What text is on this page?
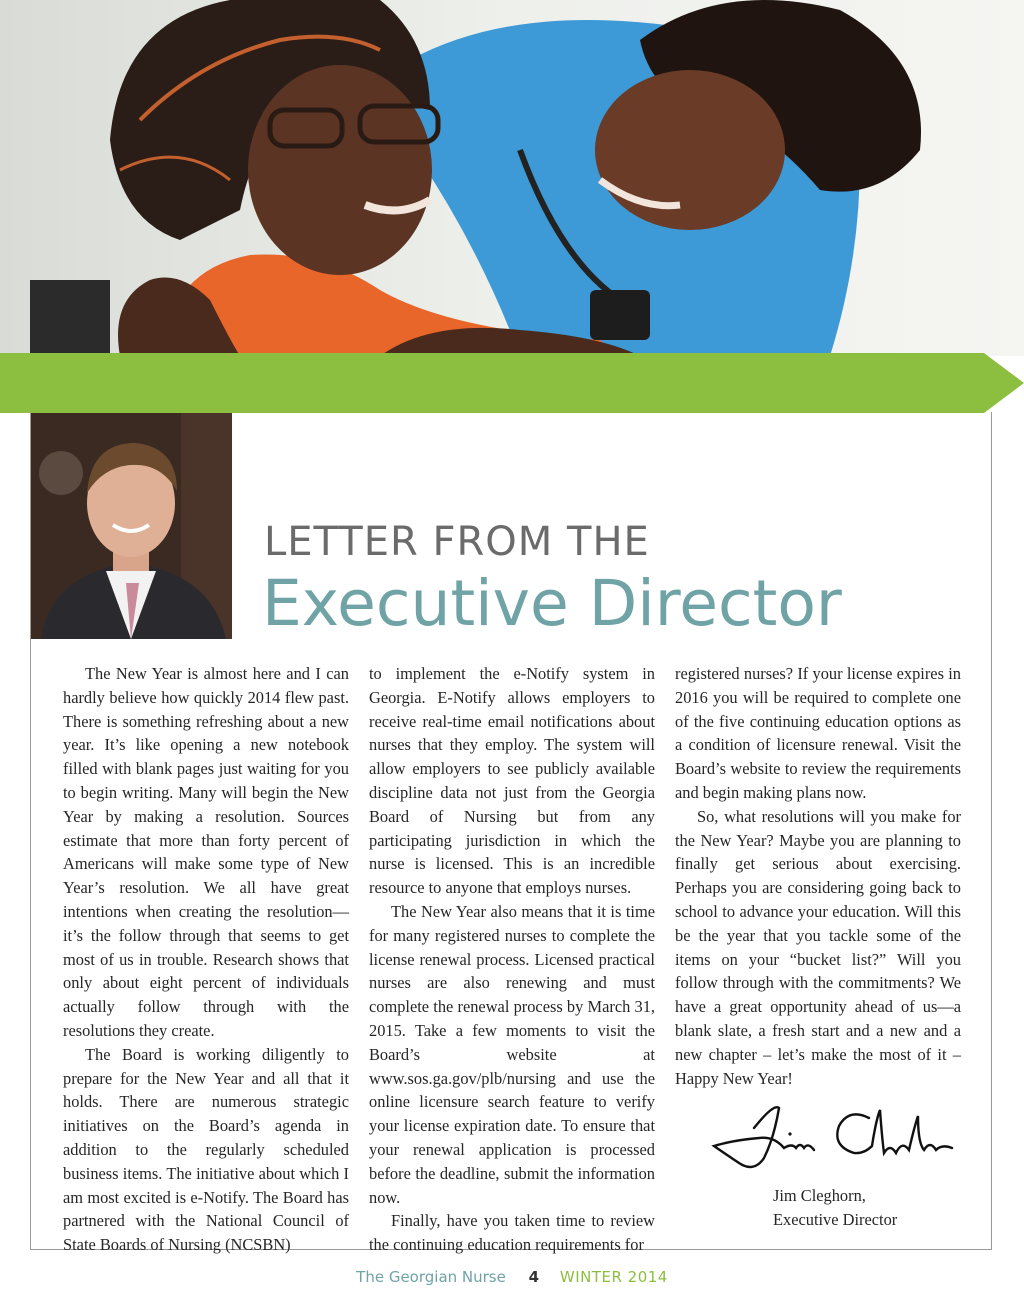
LETTER FROM THE
Executive Director

The New Year is almost here and I can hardly believe how quickly 2014 flew past. There is something refreshing about a new year. It’s like opening a new notebook filled with blank pages just waiting for you to begin writing. Many will begin the New Year by making a resolution. Sources estimate that more than forty percent of Americans will make some type of New Year’s resolution. We all have great intentions when creating the resolution—it’s the follow through that seems to get most of us in trouble. Research shows that only about eight percent of individuals actually follow through with the resolutions they create.

The Board is working diligently to prepare for the New Year and all that it holds. There are numerous strategic initiatives on the Board’s agenda in addition to the regularly scheduled business items. The initiative about which I am most excited is e-Notify. The Board has partnered with the National Council of State Boards of Nursing (NCSBN)

to implement the e-Notify system in Georgia. E-Notify allows employers to receive real-time email notifications about nurses that they employ. The system will allow employers to see publicly available discipline data not just from the Georgia Board of Nursing but from any participating jurisdiction in which the nurse is licensed. This is an incredible resource to anyone that employs nurses.

The New Year also means that it is time for many registered nurses to complete the license renewal process. Licensed practical nurses are also renewing and must complete the renewal process by March 31, 2015. Take a few moments to visit the Board’s website at www.sos.ga.gov/plb/nursing and use the online licensure search feature to verify your license expiration date. To ensure that your renewal application is processed before the deadline, submit the information now.

Finally, have you taken time to review the continuing education requirements for

registered nurses? If your license expires in 2016 you will be required to complete one of the five continuing education options as a condition of licensure renewal. Visit the Board’s website to review the requirements and begin making plans now.

So, what resolutions will you make for the New Year? Maybe you are planning to finally get serious about exercising. Perhaps you are considering going back to school to advance your education. Will this be the year that you tackle some of the items on your “bucket list?” Will you follow through with the commitments? We have a great opportunity ahead of us—a blank slate, a fresh start and a new and a new chapter – let’s make the most of it – Happy New Year!

Jim Cleghorn,
Executive Director
The Georgian Nurse 4 WINTER 2014
